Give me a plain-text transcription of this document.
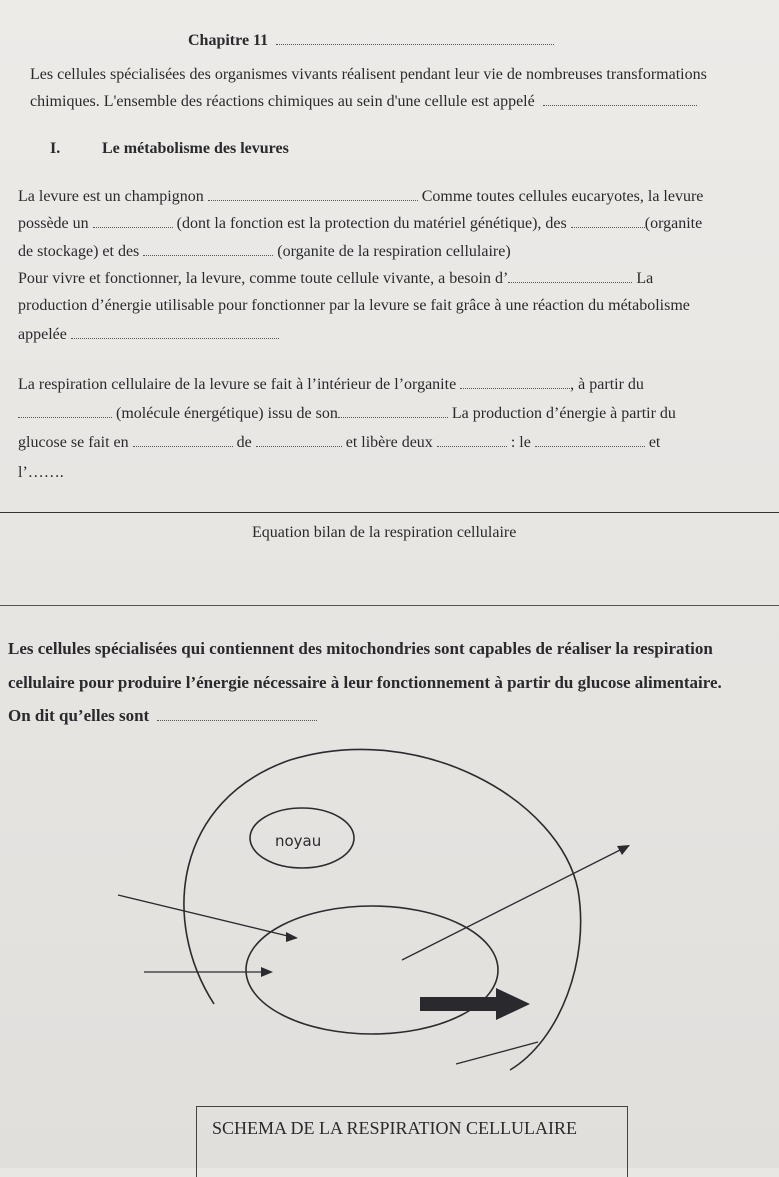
Chapitre 11
Les cellules spécialisées des organismes vivants réalisent pendant leur vie de nombreuses transformations
chimiques. L'ensemble des réactions chimiques au sein d'une cellule est appelé
I.	Le métabolisme des levures
La levure est un champignon	Comme toutes cellules eucaryotes, la levure
possède un	(dont la fonction est la protection du matériel génétique), des	(organite
de stockage) et des	(organite de la respiration cellulaire)
Pour vivre et fonctionner, la levure, comme toute cellule vivante, a besoin d’	La
production d’énergie utilisable pour fonctionner par la levure se fait grâce à une réaction du métabolisme
appelée
La respiration cellulaire de la levure se fait à l’intérieur de l’organite	, à partir du
(molécule énergétique) issu de son	La production d’énergie à partir du
glucose se fait en	de	et libère deux	: le	et
l’…….
Equation bilan de la respiration cellulaire
Les cellules spécialisées qui contiennent des mitochondries sont capables de réaliser la respiration
cellulaire pour produire l’énergie nécessaire à leur fonctionnement à partir du glucose alimentaire.
On dit qu’elles sont
noyau
SCHEMA DE LA RESPIRATION CELLULAIRE
